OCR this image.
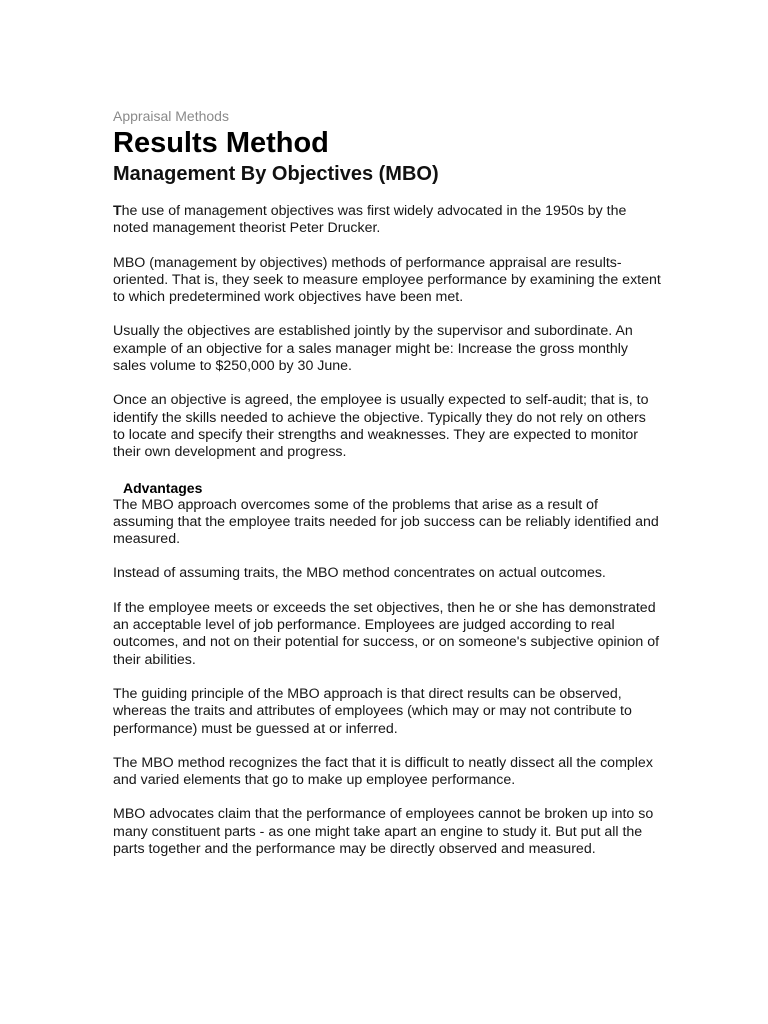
Appraisal Methods

Results Method
Management By Objectives (MBO)

The use of management objectives was first widely advocated in the 1950s by the noted management theorist Peter Drucker.

MBO (management by objectives) methods of performance appraisal are results-oriented. That is, they seek to measure employee performance by examining the extent to which predetermined work objectives have been met.

Usually the objectives are established jointly by the supervisor and subordinate. An example of an objective for a sales manager might be: Increase the gross monthly sales volume to $250,000 by 30 June.

Once an objective is agreed, the employee is usually expected to self-audit; that is, to identify the skills needed to achieve the objective. Typically they do not rely on others to locate and specify their strengths and weaknesses. They are expected to monitor their own development and progress.

Advantages

The MBO approach overcomes some of the problems that arise as a result of assuming that the employee traits needed for job success can be reliably identified and measured.

Instead of assuming traits, the MBO method concentrates on actual outcomes.

If the employee meets or exceeds the set objectives, then he or she has demonstrated an acceptable level of job performance. Employees are judged according to real outcomes, and not on their potential for success, or on someone's subjective opinion of their abilities.

The guiding principle of the MBO approach is that direct results can be observed, whereas the traits and attributes of employees (which may or may not contribute to performance) must be guessed at or inferred.

The MBO method recognizes the fact that it is difficult to neatly dissect all the complex and varied elements that go to make up employee performance.

MBO advocates claim that the performance of employees cannot be broken up into so many constituent parts - as one might take apart an engine to study it. But put all the parts together and the performance may be directly observed and measured.
